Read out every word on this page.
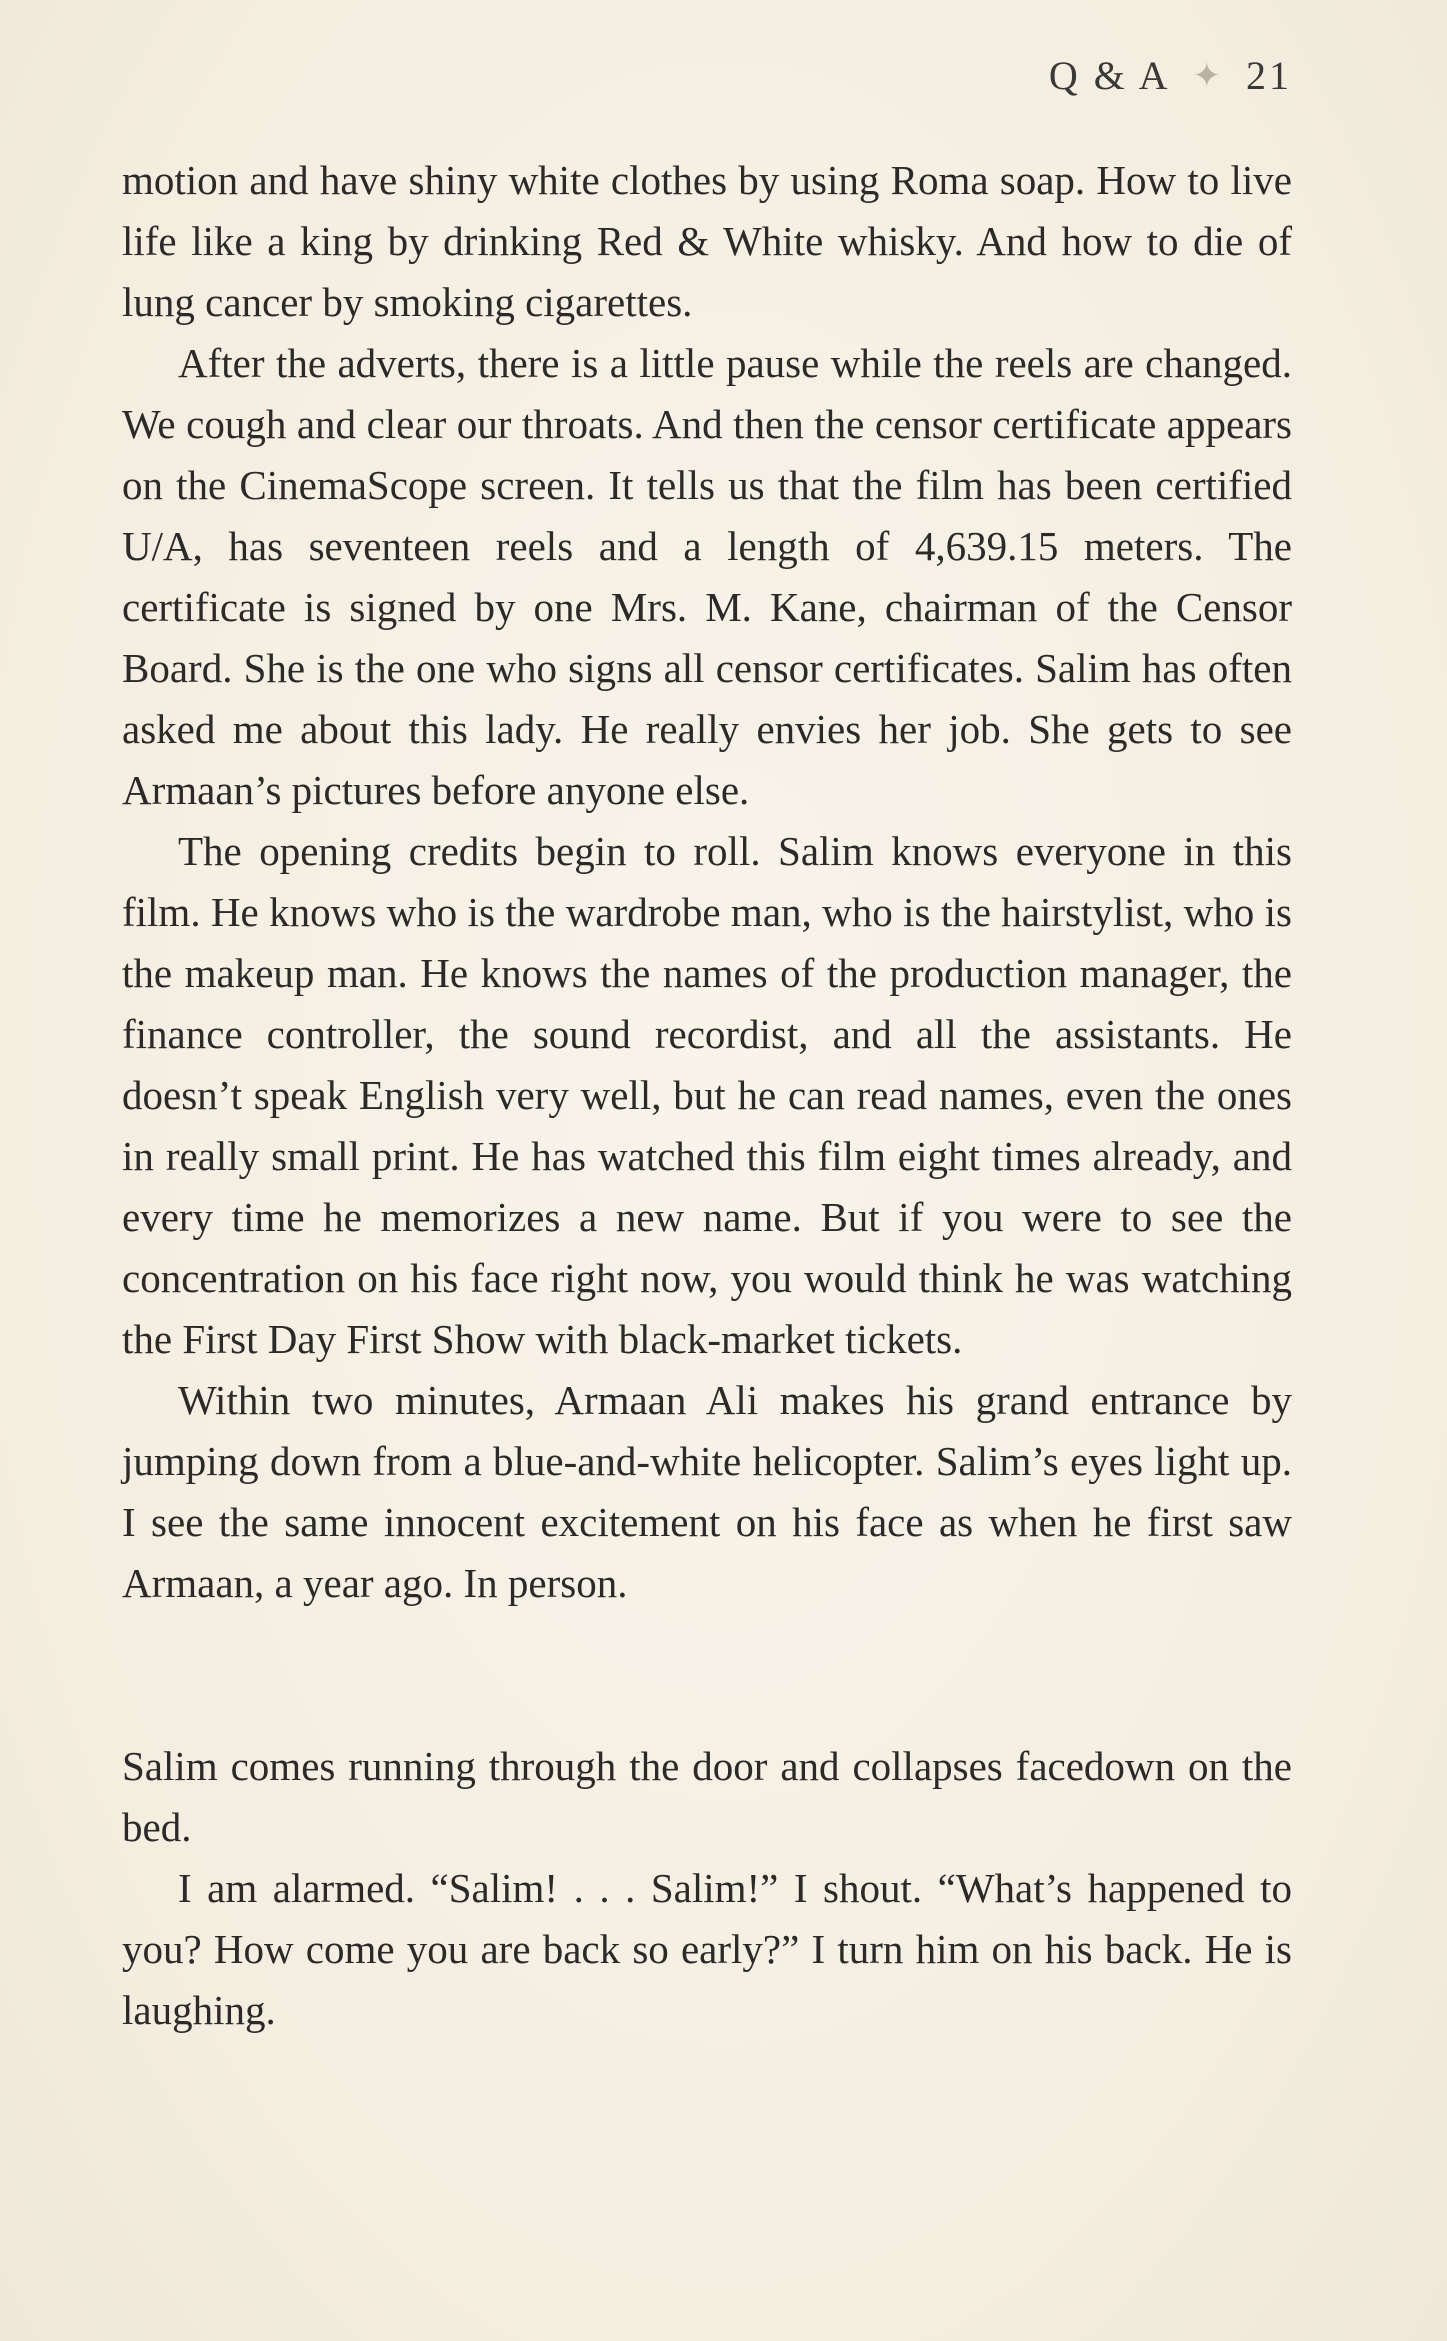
Q & A ✦ 21

motion and have shiny white clothes by using Roma soap. How to live life like a king by drinking Red & White whisky. And how to die of lung cancer by smoking cigarettes.

After the adverts, there is a little pause while the reels are changed. We cough and clear our throats. And then the censor certificate appears on the CinemaScope screen. It tells us that the film has been certified U/A, has seventeen reels and a length of 4,639.15 meters. The certificate is signed by one Mrs. M. Kane, chairman of the Censor Board. She is the one who signs all censor certificates. Salim has often asked me about this lady. He really envies her job. She gets to see Armaan’s pictures before anyone else.

The opening credits begin to roll. Salim knows everyone in this film. He knows who is the wardrobe man, who is the hairstylist, who is the makeup man. He knows the names of the production manager, the finance controller, the sound recordist, and all the assistants. He doesn’t speak English very well, but he can read names, even the ones in really small print. He has watched this film eight times already, and every time he memorizes a new name. But if you were to see the concentration on his face right now, you would think he was watching the First Day First Show with black-market tickets.

Within two minutes, Armaan Ali makes his grand entrance by jumping down from a blue-and-white helicopter. Salim’s eyes light up. I see the same innocent excitement on his face as when he first saw Armaan, a year ago. In person.

Salim comes running through the door and collapses facedown on the bed.

I am alarmed. “Salim! . . . Salim!” I shout. “What’s happened to you? How come you are back so early?” I turn him on his back. He is laughing.
